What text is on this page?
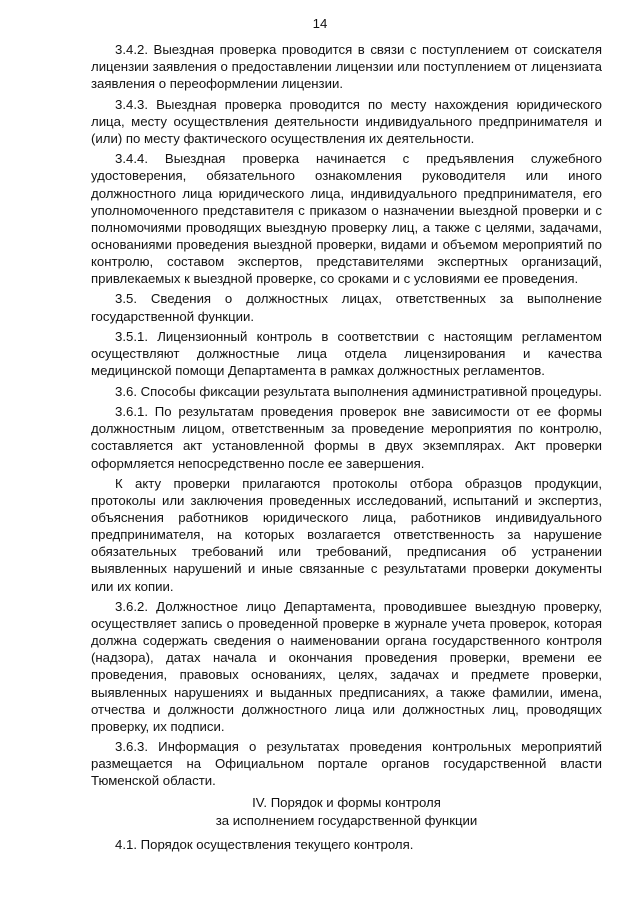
14

3.4.2. Выездная проверка проводится в связи с поступлением от соискателя лицензии заявления о предоставлении лицензии или поступлением от лицензиата заявления о переоформлении лицензии.

3.4.3. Выездная проверка проводится по месту нахождения юридического лица, месту осуществления деятельности индивидуального предпринимателя и (или) по месту фактического осуществления их деятельности.

3.4.4. Выездная проверка начинается с предъявления служебного удостоверения, обязательного ознакомления руководителя или иного должностного лица юридического лица, индивидуального предпринимателя, его уполномоченного представителя с приказом о назначении выездной проверки и с полномочиями проводящих выездную проверку лиц, а также с целями, задачами, основаниями проведения выездной проверки, видами и объемом мероприятий по контролю, составом экспертов, представителями экспертных организаций, привлекаемых к выездной проверке, со сроками и с условиями ее проведения.

3.5. Сведения о должностных лицах, ответственных за выполнение государственной функции.

3.5.1. Лицензионный контроль в соответствии с настоящим регламентом осуществляют должностные лица отдела лицензирования и качества медицинской помощи Департамента в рамках должностных регламентов.

3.6. Способы фиксации результата выполнения административной процедуры.

3.6.1. По результатам проведения проверок вне зависимости от ее формы должностным лицом, ответственным за проведение мероприятия по контролю, составляется акт установленной формы в двух экземплярах. Акт проверки оформляется непосредственно после ее завершения.

К акту проверки прилагаются протоколы отбора образцов продукции, протоколы или заключения проведенных исследований, испытаний и экспертиз, объяснения работников юридического лица, работников индивидуального предпринимателя, на которых возлагается ответственность за нарушение обязательных требований или требований, предписания об устранении выявленных нарушений и иные связанные с результатами проверки документы или их копии.

3.6.2. Должностное лицо Департамента, проводившее выездную проверку, осуществляет запись о проведенной проверке в журнале учета проверок, которая должна содержать сведения о наименовании органа государственного контроля (надзора), датах начала и окончания проведения проверки, времени ее проведения, правовых основаниях, целях, задачах и предмете проверки, выявленных нарушениях и выданных предписаниях, а также фамилии, имена, отчества и должности должностного лица или должностных лиц, проводящих проверку, их подписи.

3.6.3. Информация о результатах проведения контрольных мероприятий размещается на Официальном портале органов государственной власти Тюменской области.

IV. Порядок и формы контроля
за исполнением государственной функции

4.1. Порядок осуществления текущего контроля.
